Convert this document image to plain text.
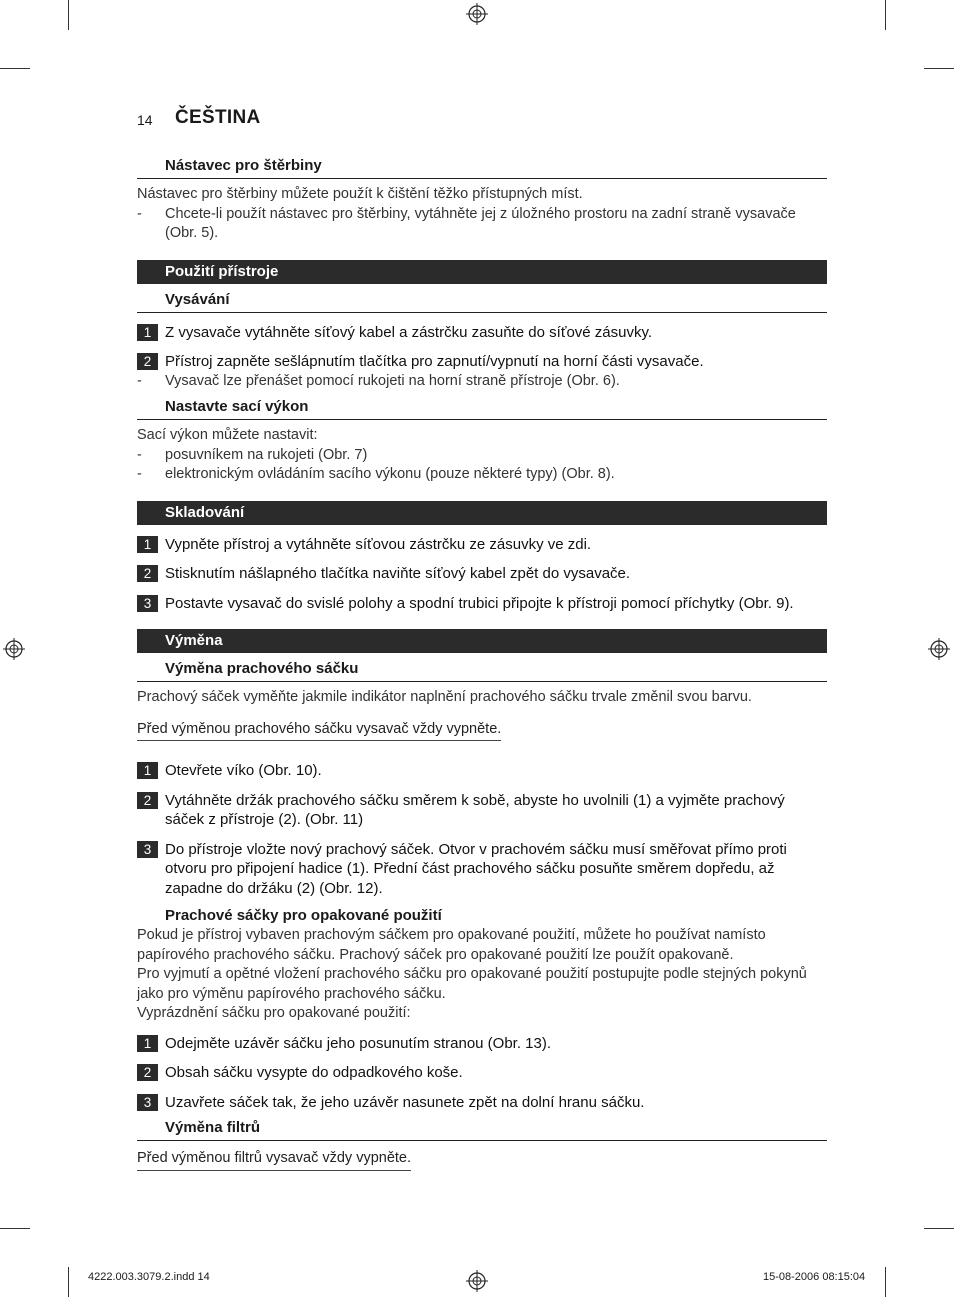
14 ČEŠTINA
Nástavec pro štěrbiny
Nástavec pro štěrbiny můžete použít k čištění těžko přístupných míst.
- Chcete-li použít nástavec pro štěrbiny, vytáhněte jej z úložného prostoru na zadní straně vysavače (Obr. 5).
Použití přístroje
Vysávání
1 Z vysavače vytáhněte síťový kabel a zástrčku zasuňte do síťové zásuvky.
2 Přístroj zapněte sešlápnutím tlačítka pro zapnutí/vypnutí na horní části vysavače.
- Vysavač lze přenášet pomocí rukojeti na horní straně přístroje (Obr. 6).
Nastavte sací výkon
Sací výkon můžete nastavit:
- posuvníkem na rukojeti (Obr. 7)
- elektronickým ovládáním sacího výkonu (pouze některé typy) (Obr. 8).
Skladování
1 Vypněte přístroj a vytáhněte síťovou zástrčku ze zásuvky ve zdi.
2 Stisknutím nášlapného tlačítka naviňte síťový kabel zpět do vysavače.
3 Postavte vysavač do svislé polohy a spodní trubici připojte k přístroji pomocí příchytky (Obr. 9).
Výměna
Výměna prachového sáčku
Prachový sáček vyměňte jakmile indikátor naplnění prachového sáčku trvale změnil svou barvu.
Před výměnou prachového sáčku vysavač vždy vypněte.
1 Otevřete víko (Obr. 10).
2 Vytáhněte držák prachového sáčku směrem k sobě, abyste ho uvolnili (1) a vyjměte prachový sáček z přístroje (2). (Obr. 11)
3 Do přístroje vložte nový prachový sáček. Otvor v prachovém sáčku musí směřovat přímo proti otvoru pro připojení hadice (1). Přední část prachového sáčku posuňte směrem dopředu, až zapadne do držáku (2) (Obr. 12).
Prachové sáčky pro opakované použití
Pokud je přístroj vybaven prachovým sáčkem pro opakované použití, můžete ho používat namísto papírového prachového sáčku. Prachový sáček pro opakované použití lze použít opakovaně.
Pro vyjmutí a opětné vložení prachového sáčku pro opakované použití postupujte podle stejných pokynů jako pro výměnu papírového prachového sáčku.
Vyprázdnění sáčku pro opakované použití:
1 Odejměte uzávěr sáčku jeho posunutím stranou (Obr. 13).
2 Obsah sáčku vysypte do odpadkového koše.
3 Uzavřete sáček tak, že jeho uzávěr nasunete zpět na dolní hranu sáčku.
Výměna filtrů
Před výměnou filtrů vysavač vždy vypněte.
4222.003.3079.2.indd 14	15-08-2006 08:15:04
